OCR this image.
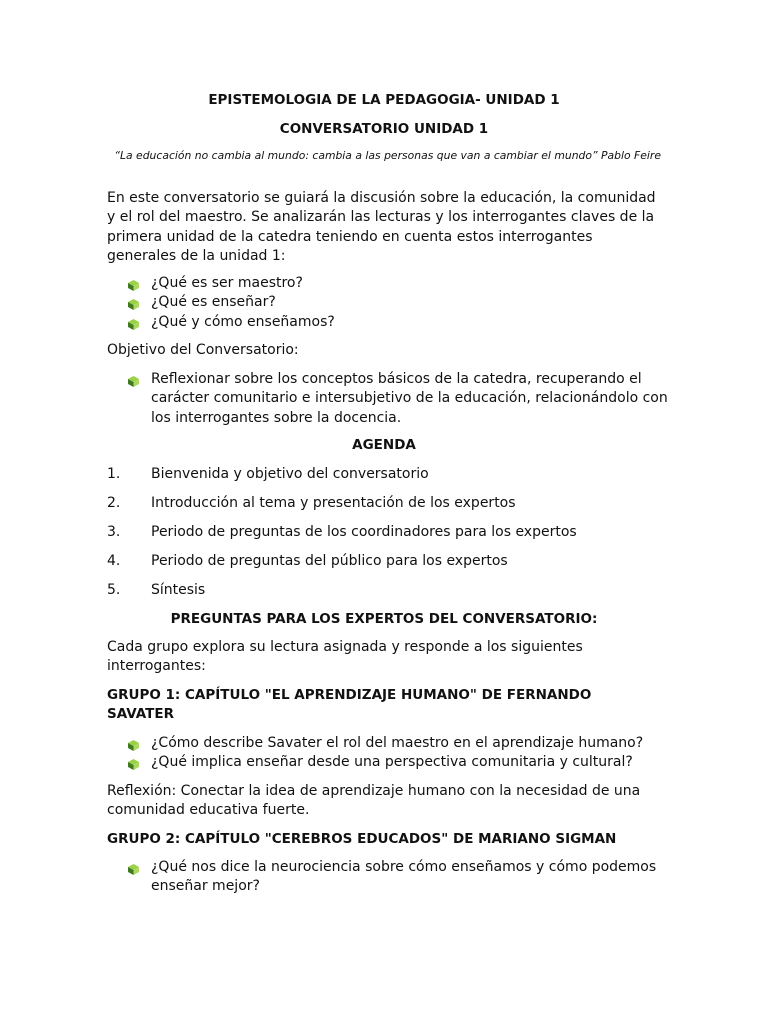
EPISTEMOLOGIA DE LA PEDAGOGIA- UNIDAD 1

CONVERSATORIO UNIDAD 1

“La educación no cambia al mundo: cambia a las personas que van a cambiar el mundo” Pablo Feire

En este conversatorio se guiará la discusión sobre la educación, la comunidad y el rol del maestro. Se analizarán las lecturas y los interrogantes claves de la primera unidad de la catedra teniendo en cuenta estos interrogantes generales de la unidad 1:

¿Qué es ser maestro?
¿Qué es enseñar?
¿Qué y cómo enseñamos?

Objetivo del Conversatorio:

Reflexionar sobre los conceptos básicos de la catedra, recuperando el carácter comunitario e intersubjetivo de la educación, relacionándolo con los interrogantes sobre la docencia.

AGENDA

1. Bienvenida y objetivo del conversatorio
2. Introducción al tema y presentación de los expertos
3. Periodo de preguntas de los coordinadores para los expertos
4. Periodo de preguntas del público para los expertos
5. Síntesis

PREGUNTAS PARA LOS EXPERTOS DEL CONVERSATORIO:

Cada grupo explora su lectura asignada y responde a los siguientes interrogantes:

GRUPO 1: CAPÍTULO "EL APRENDIZAJE HUMANO" DE FERNANDO SAVATER

¿Cómo describe Savater el rol del maestro en el aprendizaje humano?
¿Qué implica enseñar desde una perspectiva comunitaria y cultural?

Reflexión: Conectar la idea de aprendizaje humano con la necesidad de una comunidad educativa fuerte.

GRUPO 2: CAPÍTULO "CEREBROS EDUCADOS" DE MARIANO SIGMAN

¿Qué nos dice la neurociencia sobre cómo enseñamos y cómo podemos enseñar mejor?
